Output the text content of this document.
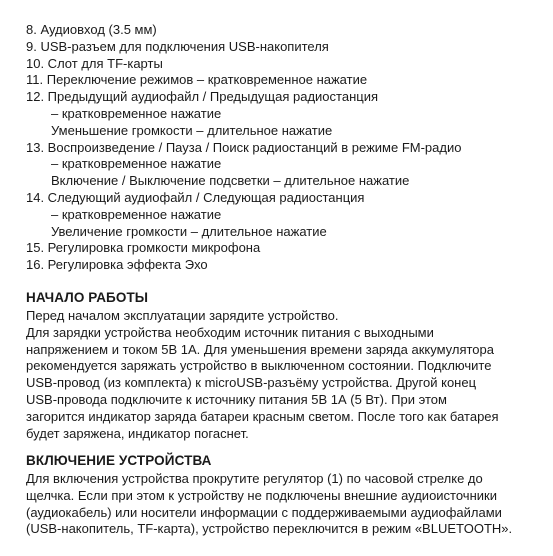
8. Аудиовход (3.5 мм)
9. USB-разъем для подключения USB-накопителя
10. Слот для TF-карты
11. Переключение режимов – кратковременное нажатие
12. Предыдущий аудиофайл / Предыдущая радиостанция
– кратковременное нажатие
Уменьшение громкости – длительное нажатие
13. Воспроизведение / Пауза / Поиск радиостанций в режиме FM-радио
– кратковременное нажатие
Включение / Выключение подсветки – длительное нажатие
14. Следующий аудиофайл / Следующая радиостанция
– кратковременное нажатие
Увеличение громкости – длительное нажатие
15. Регулировка громкости микрофона
16. Регулировка эффекта Эхо
НАЧАЛО РАБОТЫ
Перед началом эксплуатации зарядите устройство.
Для зарядки устройства необходим источник питания с выходными
напряжением и током 5В 1А. Для уменьшения времени заряда аккумулятора
рекомендуется заряжать устройство в выключенном состоянии. Подключите
USB-провод (из комплекта) к microUSB-разъёму устройства. Другой конец
USB-провода подключите к источнику питания 5В 1А (5 Вт). При этом
загорится индикатор заряда батареи красным светом. После того как батарея
будет заряжена, индикатор погаснет.
ВКЛЮЧЕНИЕ УСТРОЙСТВА
Для включения устройства прокрутите регулятор (1) по часовой стрелке до
щелчка. Если при этом к устройству не подключены внешние аудиоисточники
(аудиокабель) или носители информации с поддерживаемыми аудиофайлами
(USB-накопитель, TF-карта), устройство переключится в режим «BLUETOOTH».
